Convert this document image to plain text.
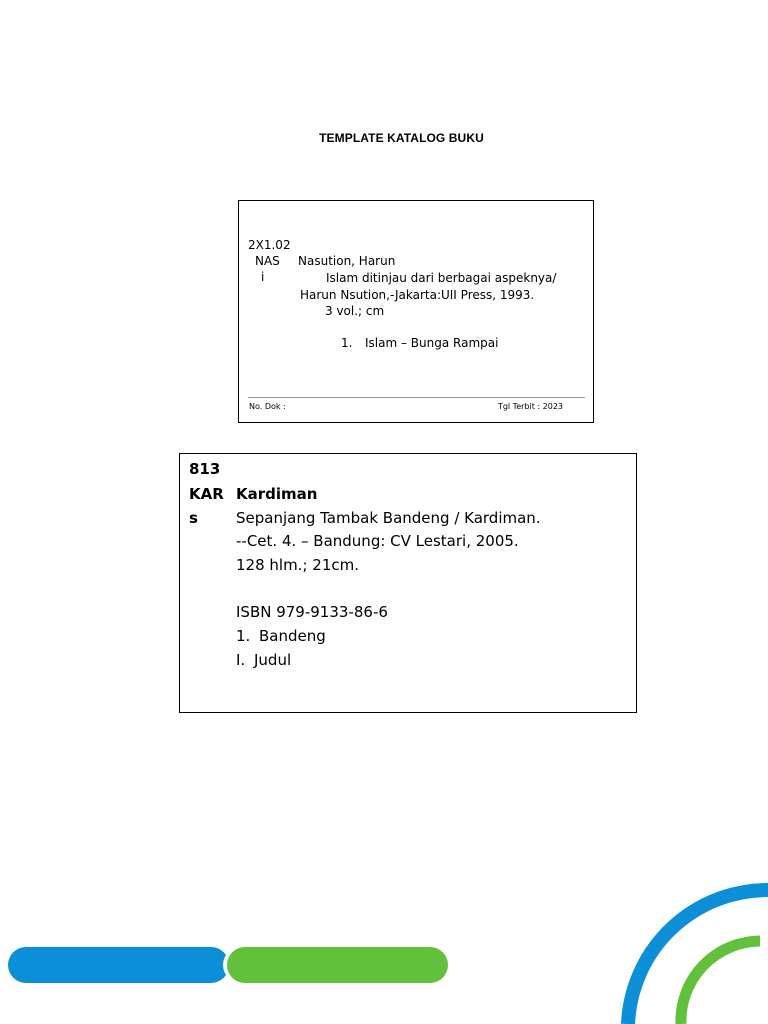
TEMPLATE KATALOG BUKU
2X1.02
NAS
i
Nasution, Harun
Islam ditinjau dari berbagai aspeknya/
Harun Nsution,-Jakarta:UII Press, 1993.
3 vol.; cm
1. Islam – Bunga Rampai
No. Dok :	Tgl Terbit : 2023
813
KAR
s
Kardiman
Sepanjang Tambak Bandeng / Kardiman.
--Cet. 4. – Bandung: CV Lestari, 2005.
128 hlm.; 21cm.
ISBN 979-9133-86-6
1. Bandeng
I. Judul
